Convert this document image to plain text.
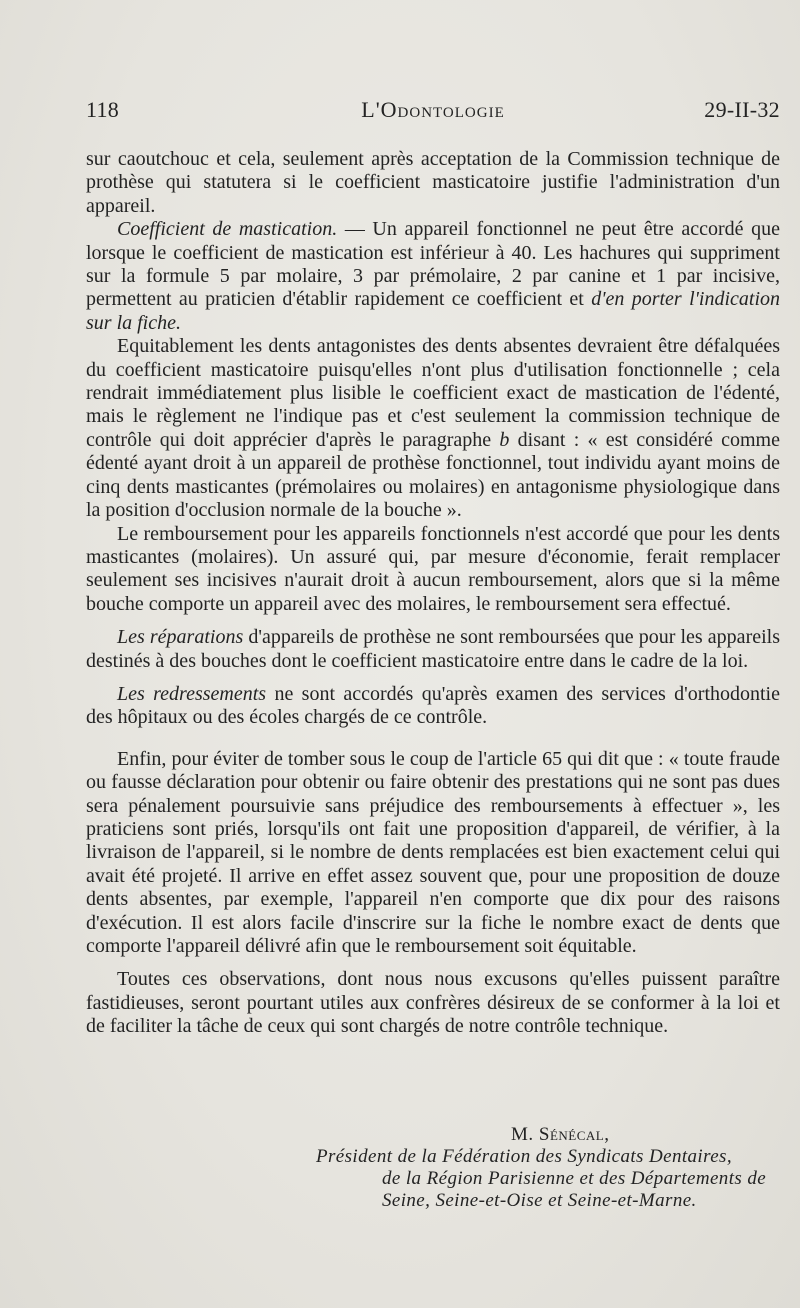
118	L'Odontologie	29-II-32

sur caoutchouc et cela, seulement après acceptation de la Commission technique de prothèse qui statutera si le coefficient masticatoire justifie l'administration d'un appareil.

Coefficient de mastication. — Un appareil fonctionnel ne peut être accordé que lorsque le coefficient de mastication est inférieur à 40. Les hachures qui suppriment sur la formule 5 par molaire, 3 par prémolaire, 2 par canine et 1 par incisive, permettent au praticien d'établir rapidement ce coefficient et d'en porter l'indication sur la fiche.

Equitablement les dents antagonistes des dents absentes devraient être défalquées du coefficient masticatoire puisqu'elles n'ont plus d'utilisation fonctionnelle ; cela rendrait immédiatement plus lisible le coefficient exact de mastication de l'édenté, mais le règlement ne l'indique pas et c'est seulement la commission technique de contrôle qui doit apprécier d'après le paragraphe b disant : « est considéré comme édenté ayant droit à un appareil de prothèse fonctionnel, tout individu ayant moins de cinq dents masticantes (prémolaires ou molaires) en antagonisme physiologique dans la position d'occlusion normale de la bouche ».

Le remboursement pour les appareils fonctionnels n'est accordé que pour les dents masticantes (molaires). Un assuré qui, par mesure d'économie, ferait remplacer seulement ses incisives n'aurait droit à aucun remboursement, alors que si la même bouche comporte un appareil avec des molaires, le remboursement sera effectué.

Les réparations d'appareils de prothèse ne sont remboursées que pour les appareils destinés à des bouches dont le coefficient masticatoire entre dans le cadre de la loi.

Les redressements ne sont accordés qu'après examen des services d'orthodontie des hôpitaux ou des écoles chargés de ce contrôle.

Enfin, pour éviter de tomber sous le coup de l'article 65 qui dit que : « toute fraude ou fausse déclaration pour obtenir ou faire obtenir des prestations qui ne sont pas dues sera pénalement poursuivie sans préjudice des remboursements à effectuer », les praticiens sont priés, lorsqu'ils ont fait une proposition d'appareil, de vérifier, à la livraison de l'appareil, si le nombre de dents remplacées est bien exactement celui qui avait été projeté. Il arrive en effet assez souvent que, pour une proposition de douze dents absentes, par exemple, l'appareil n'en comporte que dix pour des raisons d'exécution. Il est alors facile d'inscrire sur la fiche le nombre exact de dents que comporte l'appareil délivré afin que le remboursement soit équitable.

Toutes ces observations, dont nous nous excusons qu'elles puissent paraître fastidieuses, seront pourtant utiles aux confrères désireux de se conformer à la loi et de faciliter la tâche de ceux qui sont chargés de notre contrôle technique.

M. Sénécal,

Président de la Fédération des Syndicats Dentaires,
de la Région Parisienne et des Départements de
Seine, Seine-et-Oise et Seine-et-Marne.
